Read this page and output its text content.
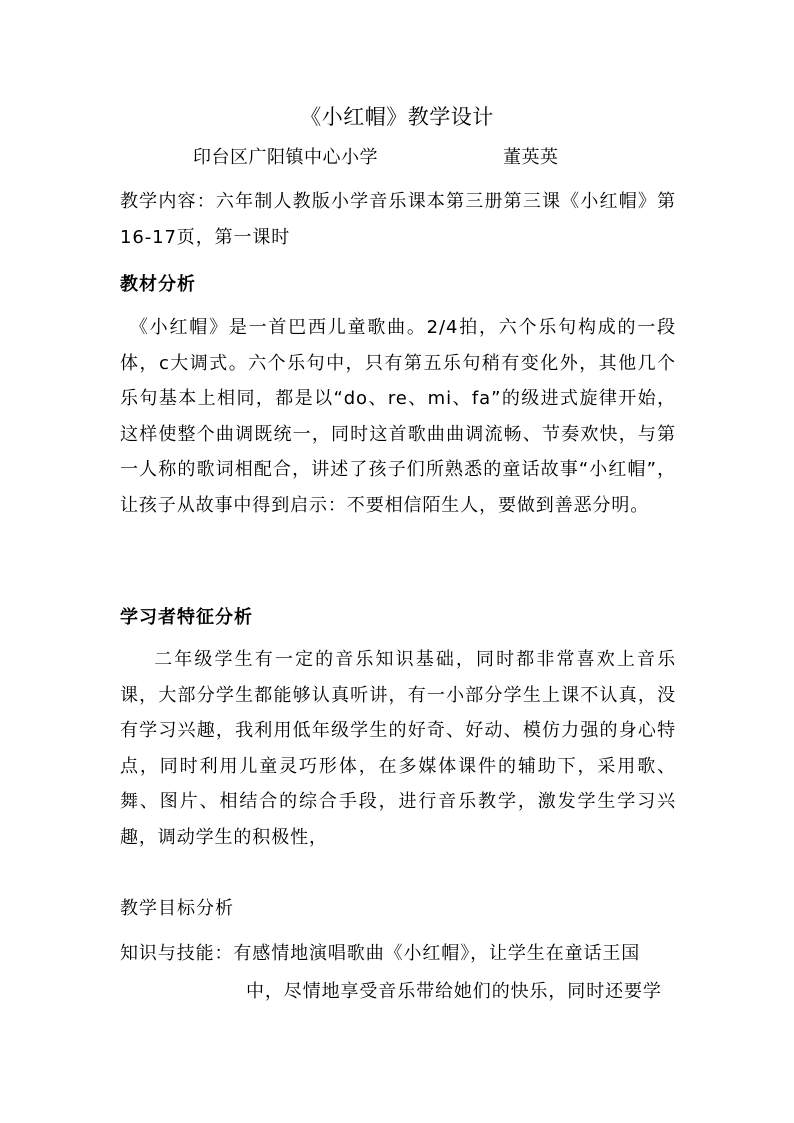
《小红帽》教学设计
印台区广阳镇中心小学	董英英
教学内容：六年制人教版小学音乐课本第三册第三课《小红帽》第16-17页，第一课时
教材分析
《小红帽》是一首巴西儿童歌曲。2/4拍，六个乐句构成的一段体，c大调式。六个乐句中，只有第五乐句稍有变化外，其他几个乐句基本上相同，都是以“do、re、mi、fa”的级进式旋律开始，这样使整个曲调既统一，同时这首歌曲曲调流畅、节奏欢快，与第一人称的歌词相配合，讲述了孩子们所熟悉的童话故事“小红帽”，让孩子从故事中得到启示：不要相信陌生人，要做到善恶分明。
学习者特征分析
二年级学生有一定的音乐知识基础，同时都非常喜欢上音乐课，大部分学生都能够认真听讲，有一小部分学生上课不认真，没有学习兴趣，我利用低年级学生的好奇、好动、模仿力强的身心特点，同时利用儿童灵巧形体，在多媒体课件的辅助下，采用歌、舞、图片、相结合的综合手段，进行音乐教学，激发学生学习兴趣，调动学生的积极性，
教学目标分析
知识与技能：有感情地演唱歌曲《小红帽》，让学生在童话王国
中，尽情地享受音乐带给她们的快乐，同时还要学
